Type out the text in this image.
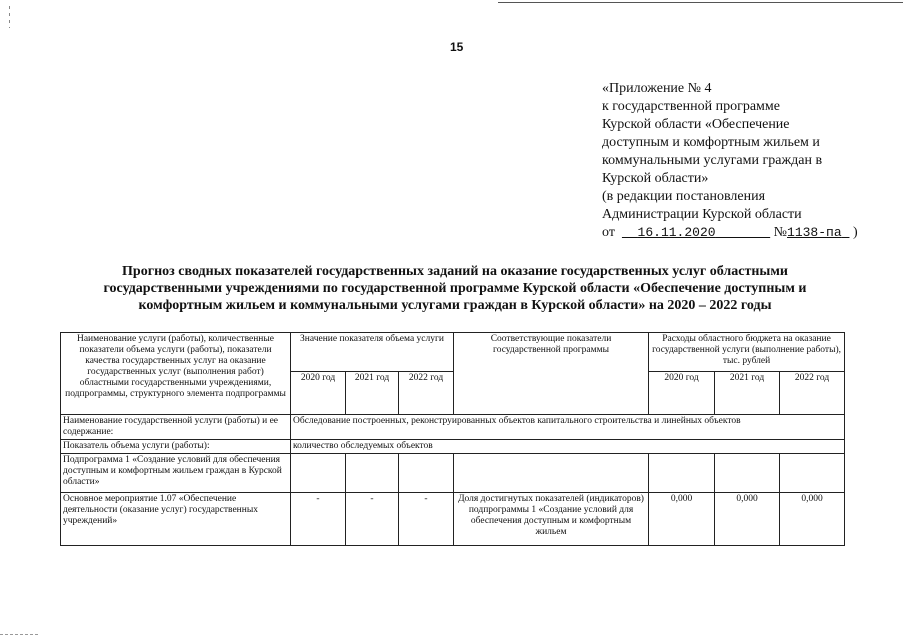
15
«Приложение № 4
к государственной программе
Курской области «Обеспечение
доступным и комфортным жильем и
коммунальными услугами граждан в
Курской области»
(в редакции постановления
Администрации Курской области
от 16.11.2020	№1138-па )
Прогноз сводных показателей государственных заданий на оказание государственных услуг областными
государственными учреждениями по государственной программе Курской области «Обеспечение доступным и
комфортным жильем и коммунальными услугами граждан в Курской области» на 2020 – 2022 годы
Наименование услуги (работы), количественные показатели объема услуги (работы), показатели качества государственных услуг на оказание государственных услуг (выполнения работ) областными государственными учреждениями, подпрограммы, структурного элемента подпрограммы	Значение показателя объема услуги			Соответствующие показатели государственной программы	Расходы областного бюджета на оказание государственной услуги (выполнение работы), тыс. рублей		
	2020 год	2021 год	2022 год		2020 год	2021 год	2022 год
Наименование государственной услуги (работы) и ее содержание:	Обследование построенных, реконструированных объектов капитального строительства и линейных объектов						
Показатель объема услуги (работы):	количество обследуемых объектов						
Подпрограмма 1 «Создание условий для обеспечения доступным и комфортным жильем граждан в Курской области»							
Основное мероприятие 1.07 «Обеспечение деятельности (оказание услуг) государственных учреждений»	-	-	-	Доля достигнутых показателей (индикаторов) подпрограммы 1 «Создание условий для обеспечения доступным и комфортным жильем	0,000	0,000	0,000
